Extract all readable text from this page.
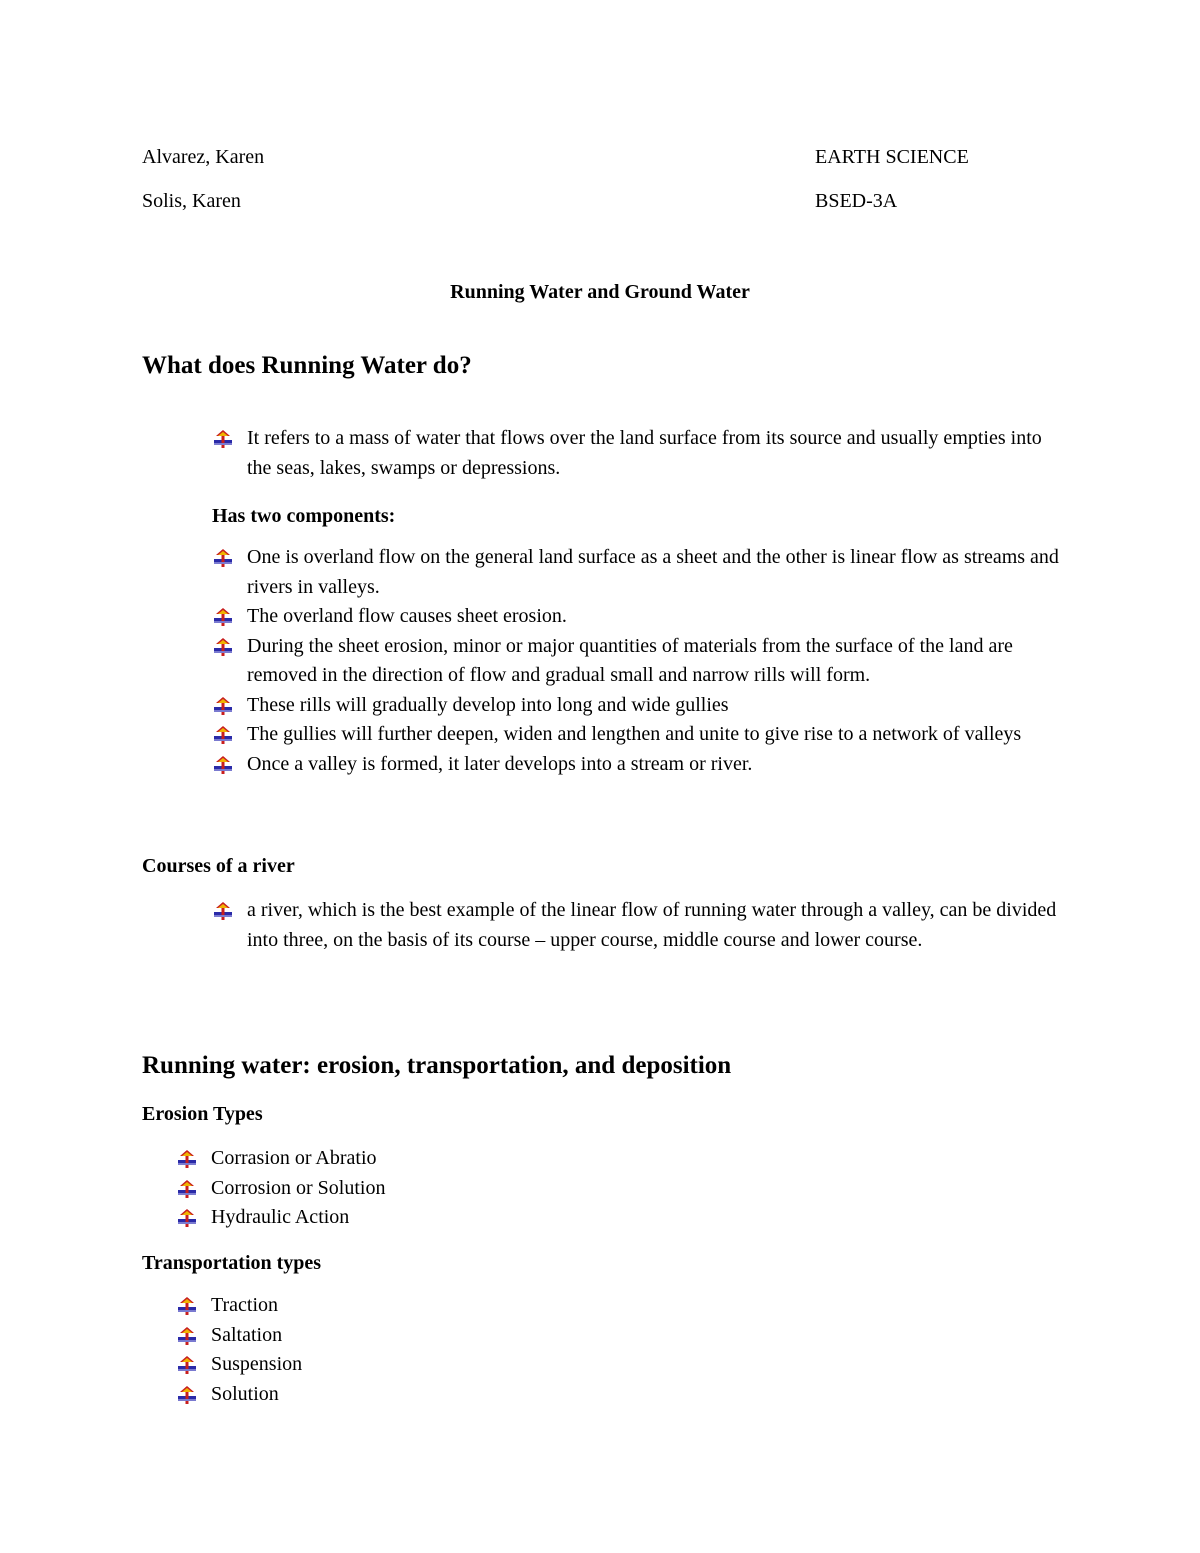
Alvarez, Karen
Solis, Karen
EARTH SCIENCE
BSED-3A
Running Water and Ground Water
What does Running Water do?
It refers to a mass of water that flows over the land surface from its source and usually empties into the seas, lakes, swamps or depressions.
Has two components:
One is overland flow on the general land surface as a sheet and the other is linear flow as streams and rivers in valleys.
The overland flow causes sheet erosion.
During the sheet erosion, minor or major quantities of materials from the surface of the land are removed in the direction of flow and gradual small and narrow rills will form.
These rills will gradually develop into long and wide gullies
The gullies will further deepen, widen and lengthen and unite to give rise to a network of valleys
Once a valley is formed, it later develops into a stream or river.
Courses of a river
a river, which is the best example of the linear flow of running water through a valley, can be divided into three, on the basis of its course – upper course, middle course and lower course.
Running water: erosion, transportation, and deposition
Erosion Types
Corrasion or Abratio
Corrosion or Solution
Hydraulic Action
Transportation types
Traction
Saltation
Suspension
Solution
